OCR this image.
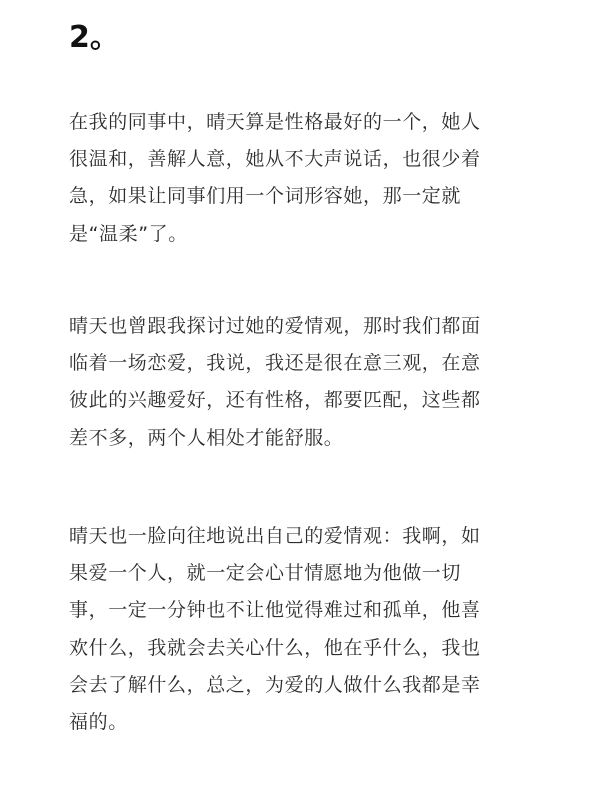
2。
在我的同事中，晴天算是性格最好的一个，她人
很温和，善解人意，她从不大声说话，也很少着
急，如果让同事们用一个词形容她，那一定就
是“温柔”了。
晴天也曾跟我探讨过她的爱情观，那时我们都面
临着一场恋爱，我说，我还是很在意三观，在意
彼此的兴趣爱好，还有性格，都要匹配，这些都
差不多，两个人相处才能舒服。
晴天也一脸向往地说出自己的爱情观：我啊，如
果爱一个人，就一定会心甘情愿地为他做一切
事，一定一分钟也不让他觉得难过和孤单，他喜
欢什么，我就会去关心什么，他在乎什么，我也
会去了解什么，总之，为爱的人做什么我都是幸
福的。
